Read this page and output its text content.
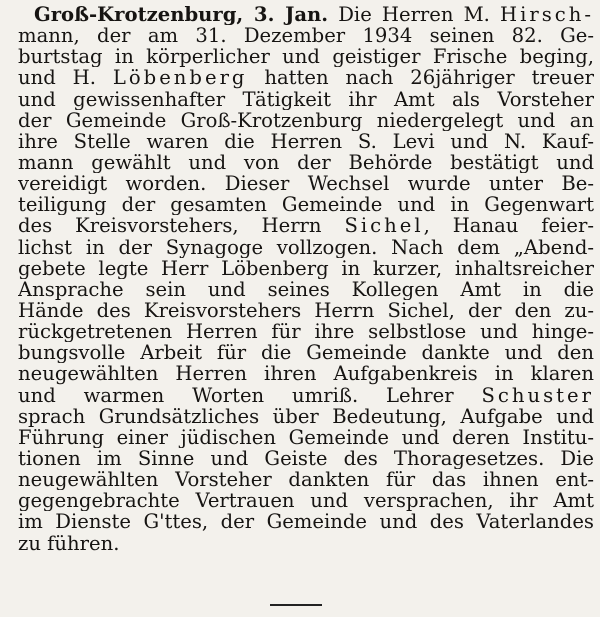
Groß-Krotzenburg, 3. Jan. Die Herren M. Hirsch-
mann, der am 31. Dezember 1934 seinen 82. Ge-
burtstag in körperlicher und geistiger Frische beging,
und H. Löbenberg hatten nach 26jähriger treuer
und gewissenhafter Tätigkeit ihr Amt als Vorsteher
der Gemeinde Groß-Krotzenburg niedergelegt und an
ihre Stelle waren die Herren S. Levi und N. Kauf-
mann gewählt und von der Behörde bestätigt und
vereidigt worden. Dieser Wechsel wurde unter Be-
teiligung der gesamten Gemeinde und in Gegenwart
des Kreisvorstehers, Herrn Sichel, Hanau feier-
lichst in der Synagoge vollzogen. Nach dem „Abend-
gebete legte Herr Löbenberg in kurzer, inhaltsreicher
Ansprache sein und seines Kollegen Amt in die
Hände des Kreisvorstehers Herrn Sichel, der den zu-
rückgetretenen Herren für ihre selbstlose und hinge-
bungsvolle Arbeit für die Gemeinde dankte und den
neugewählten Herren ihren Aufgabenkreis in klaren
und warmen Worten umriß. Lehrer Schuster
sprach Grundsätzliches über Bedeutung, Aufgabe und
Führung einer jüdischen Gemeinde und deren Institu-
tionen im Sinne und Geiste des Thoragesetzes. Die
neugewählten Vorsteher dankten für das ihnen ent-
gegengebrachte Vertrauen und versprachen, ihr Amt
im Dienste G'ttes, der Gemeinde und des Vaterlandes
zu führen.
